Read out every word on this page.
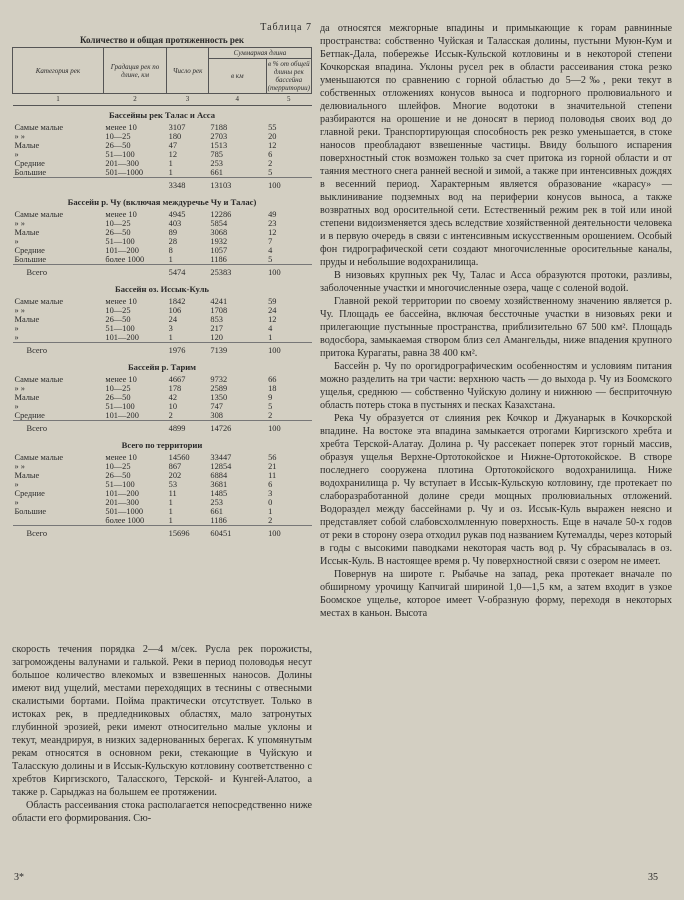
Таблица 7
Количество и общая протяженность рек
Категория рек	Градация рек по длине, км	Число рек	Суммарная длина	
			в км	в % от общей длины рек бассейна (территории)
1	2	3	4	5
Бассейны рек Талас и Асса				
Самые малые	менее 10	3107	7188	55
» »	10—25	180	2703	20
Малые	26—50	47	1513	12
»	51—100	12	785	6
Средние	201—300	1	253	2
Большие	501—1000	1	661	5
		3348	13103	100
Бассейн р. Чу (включая междуречье Чу и Талас)				
Самые малые	менее 10	4945	12286	49
» »	10—25	403	5854	23
Малые	26—50	89	3068	12
»	51—100	28	1932	7
Средние	101—200	8	1057	4
Большие	более 1000	1	1186	5
Всего		5474	25383	100
Бассейн оз. Иссык-Куль				
Самые малые	менее 10	1842	4241	59
» »	10—25	106	1708	24
Малые	26—50	24	853	12
»	51—100	3	217	4
»	101—200	1	120	1
Всего		1976	7139	100
Бассейн р. Тарим				
Самые малые	менее 10	4667	9732	66
» »	10—25	178	2589	18
Малые	26—50	42	1350	9
»	51—100	10	747	5
Средние	101—200	2	308	2
Всего		4899	14726	100
Всего по территории				
Самые малые	менее 10	14560	33447	56
» »	10—25	867	12854	21
Малые	26—50	202	6884	11
»	51—100	53	3681	6
Средние	101—200	11	1485	3
»	201—300	1	253	0
Большие	501—1000	1	661	1
	более 1000	1	1186	2
Всего		15696	60451	100

скорость течения порядка 2—4 м/сек. Русла рек порожисты, загромождены валунами и галькой. Реки в период половодья несут большое количество влекомых и взвешенных наносов. Долины имеют вид ущелий, местами переходящих в теснины с отвесными скалистыми бортами. Пойма практически отсутствует. Только в истоках рек, в предледниковых областях, мало затронутых глубинной эрозией, реки имеют относительно малые уклоны и текут, меандрируя, в низких задернованных берегах. К упомянутым рекам относятся в основном реки, стекающие в Чуйскую и Таласскую долины и в Иссык-Кульскую котловину соответственно с хребтов Киргизского, Таласского, Терской- и Кунгей-Алатоо, а также р. Сарыджаз на большем ее протяжении.

Область рассеивания стока располагается непосредственно ниже области его формирования. Сю-

да относятся межгорные впадины и примыкающие к горам равнинные пространства: собственно Чуйская и Таласская долины, пустыни Муюн-Кум и Бетпак-Дала, побережье Иссык-Кульской котловины и в некоторой степени Кочкорская впадина. Уклоны русел рек в области рассеивания стока резко уменьшаются по сравнению с горной областью до 5—2‰, реки текут в собственных отложениях конусов выноса и подгорного пролювиального и делювиального шлейфов. Многие водотоки в значительной степени разбираются на орошение и не доносят в период половодья своих вод до главной реки. Транспортирующая способность рек резко уменьшается, в стоке наносов преобладают взвешенные частицы. Ввиду большого испарения поверхностный сток возможен только за счет притока из горной области и от таяния местного снега ранней весной и зимой, а также при интенсивных дождях в весенний период. Характерным является образование «карасу» — выклинивание подземных вод на периферии конусов выноса, а также возвратных вод оросительной сети. Естественный режим рек в той или иной степени видоизменяется здесь вследствие хозяйственной деятельности человека и в первую очередь в связи с интенсивным искусственным орошением. Особый фон гидрографической сети создают многочисленные оросительные каналы, пруды и небольшие водохранилища.

В низовьях крупных рек Чу, Талас и Асса образуются протоки, разливы, заболоченные участки и многочисленные озера, чаще с соленой водой.

Главной рекой территории по своему хозяйственному значению является р. Чу. Площадь ее бассейна, включая бессточные участки в низовьях реки и прилегающие пустынные пространства, приблизительно 67 500 км². Площадь водосбора, замыкаемая створом близ сел Амангельды, ниже впадения крупного притока Курагаты, равна 38 400 км².

Бассейн р. Чу по орогидрографическим особенностям и условиям питания можно разделить на три части: верхнюю часть — до выхода р. Чу из Боомского ущелья, среднюю — собственно Чуйскую долину и нижнюю — бесприточную область потерь стока в пустынях и песках Казахстана.

Река Чу образуется от слияния рек Кочкор и Джуанарык в Кочкорской впадине. На востоке эта впадина замыкается отрогами Киргизского хребта и хребта Терской-Алатау. Долина р. Чу рассекает поперек этот горный массив, образуя ущелья Верхне-Ортотокойское и Нижне-Ортотокойское. В створе последнего сооружена плотина Ортотокойского водохранилища. Ниже водохранилища р. Чу вступает в Иссык-Кульскую котловину, где протекает по слаборазработанной долине среди мощных пролювиальных отложений. Водораздел между бассейнами р. Чу и оз. Иссык-Куль выражен неясно и представляет собой слабовсхолмленную поверхность. Еще в начале 50-х годов от реки в сторону озера отходил рукав под названием Кутемалды, через который в годы с высокими паводками некоторая часть вод р. Чу сбрасывалась в оз. Иссык-Куль. В настоящее время р. Чу поверхностной связи с озером не имеет.

Повернув на широте г. Рыбачье на запад, река протекает вначале по обширному урочищу Капчигай шириной 1,0—1,5 км, а затем входит в узкое Боомское ущелье, которое имеет V-образную форму, переходя в некоторых местах в каньон. Высота

3*	35
